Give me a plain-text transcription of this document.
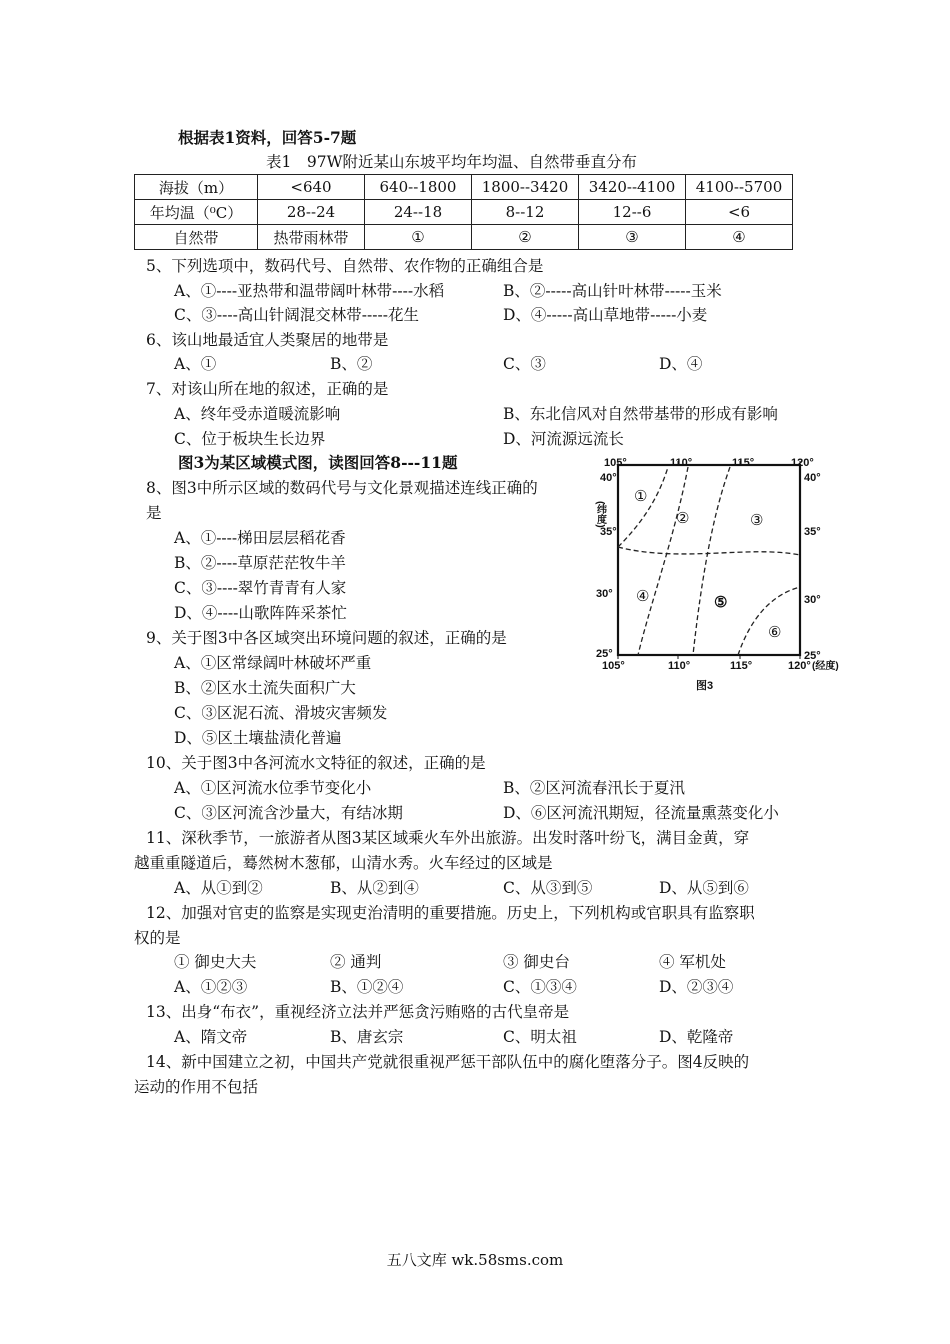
根据表1资料，回答5-7题
表1　97W附近某山东坡平均年均温、自然带垂直分布
海拔（m）	<640	640--1800	1800--3420	3420--4100	4100--5700
年均温（⁰C）	28--24	24--18	8--12	12--6	<6
自然带	热带雨林带	①	②	③	④
5、下列选项中，数码代号、自然带、农作物的正确组合是
A、①----亚热带和温带阔叶林带----水稻	B、②-----高山针叶林带-----玉米
C、③----高山针阔混交林带-----花生	D、④-----高山草地带-----小麦
6、该山地最适宜人类聚居的地带是
A、①	B、②	C、③	D、④
7、对该山所在地的叙述，正确的是
A、终年受赤道暖流影响	B、东北信风对自然带基带的形成有影响
C、位于板块生长边界	D、河流源远流长
图3为某区域模式图，读图回答8---11题
8、图3中所示区域的数码代号与文化景观描述连线正确的
是
A、①----梯田层层稻花香
B、②----草原茫茫牧牛羊
C、③----翠竹青青有人家
D、④----山歌阵阵采茶忙
9、关于图3中各区域突出环境问题的叙述，正确的是
A、①区常绿阔叶林破坏严重
B、②区水土流失面积广大
C、③区泥石流、滑坡灾害频发
D、⑤区土壤盐渍化普遍
10、关于图3中各河流水文特征的叙述，正确的是
A、①区河流水位季节变化小	B、②区河流春汛长于夏汛
C、③区河流含沙量大，有结冰期	D、⑥区河流汛期短，径流量熏蒸变化小
11、深秋季节，一旅游者从图3某区域乘火车外出旅游。出发时落叶纷飞，满目金黄，穿
越重重隧道后，蓦然树木葱郁，山清水秀。火车经过的区域是
A、从①到②	B、从②到④	C、从③到⑤	D、从⑤到⑥
12、加强对官吏的监察是实现吏治清明的重要措施。历史上，下列机构或官职具有监察职
权的是
① 御史大夫	② 通判	③ 御史台	④ 军机处
A、①②③	B、①②④	C、①③④	D、②③④
13、出身“布衣”，重视经济立法并严惩贪污贿赂的古代皇帝是
A、隋文帝	B、唐玄宗	C、明太祖	D、乾隆帝
14、新中国建立之初，中国共产党就很重视严惩干部队伍中的腐化堕落分子。图4反映的
运动的作用不包括
105°	110°	115°	120°
105°	110°	115°	120° (经度)
40°
35°
30°
25°
40°
35°
30°
25°
(纬度)
①
②	③
④	⑤
⑥
图3
五八文库 wk.58sms.com
